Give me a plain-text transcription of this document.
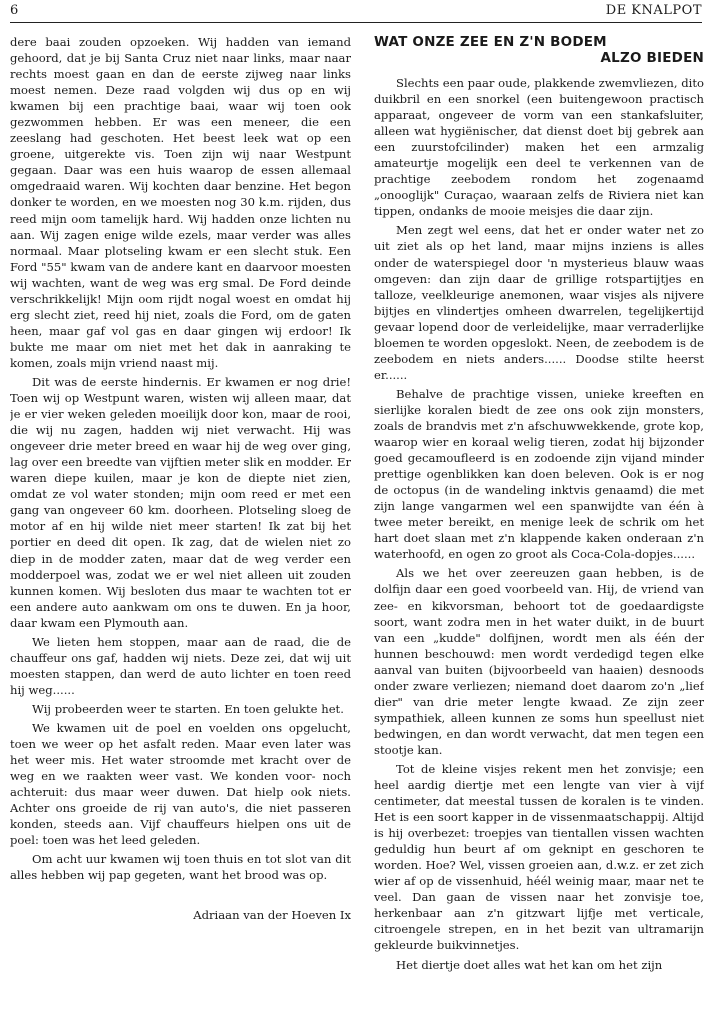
6	DE KNALPOT

dere baai zouden opzoeken. Wij hadden van iemand gehoord, dat je bij Santa Cruz niet naar links, maar naar rechts moest gaan en dan de eerste zijweg naar links moest nemen. Deze raad volgden wij dus op en wij kwamen bij een prachtige baai, waar wij toen ook gezwommen hebben. Er was een meneer, die een zeeslang had geschoten. Het beest leek wat op een groene, uitgerekte vis. Toen zijn wij naar Westpunt gegaan. Daar was een huis waarop de essen allemaal omgedraaid waren. Wij kochten daar benzine. Het begon donker te worden, en we moesten nog 30 k.m. rijden, dus reed mijn oom tamelijk hard. Wij hadden onze lichten nu aan. Wij zagen enige wilde ezels, maar verder was alles normaal. Maar plotseling kwam er een slecht stuk. Een Ford "55" kwam van de andere kant en daarvoor moesten wij wachten, want de weg was erg smal. De Ford deinde verschrikkelijk! Mijn oom rijdt nogal woest en omdat hij erg slecht ziet, reed hij niet, zoals die Ford, om de gaten heen, maar gaf vol gas en daar gingen wij erdoor! Ik bukte me maar om niet met het dak in aanraking te komen, zoals mijn vriend naast mij.

Dit was de eerste hindernis. Er kwamen er nog drie! Toen wij op Westpunt waren, wisten wij alleen maar, dat je er vier weken geleden moeilijk door kon, maar de rooi, die wij nu zagen, hadden wij niet verwacht. Hij was ongeveer drie meter breed en waar hij de weg over ging, lag over een breedte van vijftien meter slik en modder. Er waren diepe kuilen, maar je kon de diepte niet zien, omdat ze vol water stonden; mijn oom reed er met een gang van ongeveer 60 km. doorheen. Plotseling sloeg de motor af en hij wilde niet meer starten! Ik zat bij het portier en deed dit open. Ik zag, dat de wielen niet zo diep in de modder zaten, maar dat de weg verder een modderpoel was, zodat we er wel niet alleen uit zouden kunnen komen. Wij besloten dus maar te wachten tot er een andere auto aankwam om ons te duwen. En ja hoor, daar kwam een Plymouth aan.

We lieten hem stoppen, maar aan de raad, die de chauffeur ons gaf, hadden wij niets. Deze zei, dat wij uit moesten stappen, dan werd de auto lichter en toen reed hij weg......

Wij probeerden weer te starten. En toen gelukte het.

We kwamen uit de poel en voelden ons opgelucht, toen we weer op het asfalt reden. Maar even later was het weer mis. Het water stroomde met kracht over de weg en we raakten weer vast. We konden voor- noch achteruit: dus maar weer duwen. Dat hielp ook niets. Achter ons groeide de rij van auto's, die niet passeren konden, steeds aan. Vijf chauffeurs hielpen ons uit de poel: toen was het leed geleden.

Om acht uur kwamen wij toen thuis en tot slot van dit alles hebben wij pap gegeten, want het brood was op.

Adriaan van der Hoeven Ix

WAT ONZE ZEE EN Z'N BODEM
ALZO BIEDEN

Slechts een paar oude, plakkende zwemvliezen, dito duikbril en een snorkel (een buitengewoon practisch apparaat, ongeveer de vorm van een stankafsluiter, alleen wat hygiënischer, dat dienst doet bij gebrek aan een zuurstofcilinder) maken het een armzalig amateurtje mogelijk een deel te verkennen van de prachtige zeebodem rondom het zogenaamd „onooglijk" Curaçao, waaraan zelfs de Riviera niet kan tippen, ondanks de mooie meisjes die daar zijn.

Men zegt wel eens, dat het er onder water net zo uit ziet als op het land, maar mijns inziens is alles onder de waterspiegel door 'n mysterieus blauw waas omgeven: dan zijn daar de grillige rotspartijtjes en talloze, veelkleurige anemonen, waar visjes als nijvere bijtjes en vlindertjes omheen dwarrelen, tegelijkertijd gevaar lopend door de verleidelijke, maar verraderlijke bloemen te worden opgeslokt. Neen, de zeebodem is de zeebodem en niets anders...... Doodse stilte heerst er......

Behalve de prachtige vissen, unieke kreeften en sierlijke koralen biedt de zee ons ook zijn monsters, zoals de brandvis met z'n afschuwwekkende, grote kop, waarop wier en koraal welig tieren, zodat hij bijzonder goed gecamoufleerd is en zodoende zijn vijand minder prettige ogenblikken kan doen beleven. Ook is er nog de octopus (in de wandeling inktvis genaamd) die met zijn lange vangarmen wel een spanwijdte van één à twee meter bereikt, en menige leek de schrik om het hart doet slaan met z'n klappende kaken onderaan z'n waterhoofd, en ogen zo groot als Coca-Cola-dopjes......

Als we het over zeereuzen gaan hebben, is de dolfijn daar een goed voorbeeld van. Hij, de vriend van zee- en kikvorsman, behoort tot de goedaardigste soort, want zodra men in het water duikt, in de buurt van een „kudde" dolfijnen, wordt men als één der hunnen beschouwd: men wordt verdedigd tegen elke aanval van buiten (bijvoorbeeld van haaien) desnoods onder zware verliezen; niemand doet daarom zo'n „lief dier" van drie meter lengte kwaad. Ze zijn zeer sympathiek, alleen kunnen ze soms hun speellust niet bedwingen, en dan wordt verwacht, dat men tegen een stootje kan.

Tot de kleine visjes rekent men het zonvisje; een heel aardig diertje met een lengte van vier à vijf centimeter, dat meestal tussen de koralen is te vinden. Het is een soort kapper in de vissenmaatschappij. Altijd is hij overbezet: troepjes van tientallen vissen wachten geduldig hun beurt af om geknipt en geschoren te worden. Hoe? Wel, vissen groeien aan, d.w.z. er zet zich wier af op de vissenhuid, héél weinig maar, maar net te veel. Dan gaan de vissen naar het zonvisje toe, herkenbaar aan z'n gitzwart lijfje met verticale, citroengele strepen, en in het bezit van ultramarijn gekleurde buikvinnetjes.

Het diertje doet alles wat het kan om het zijn
